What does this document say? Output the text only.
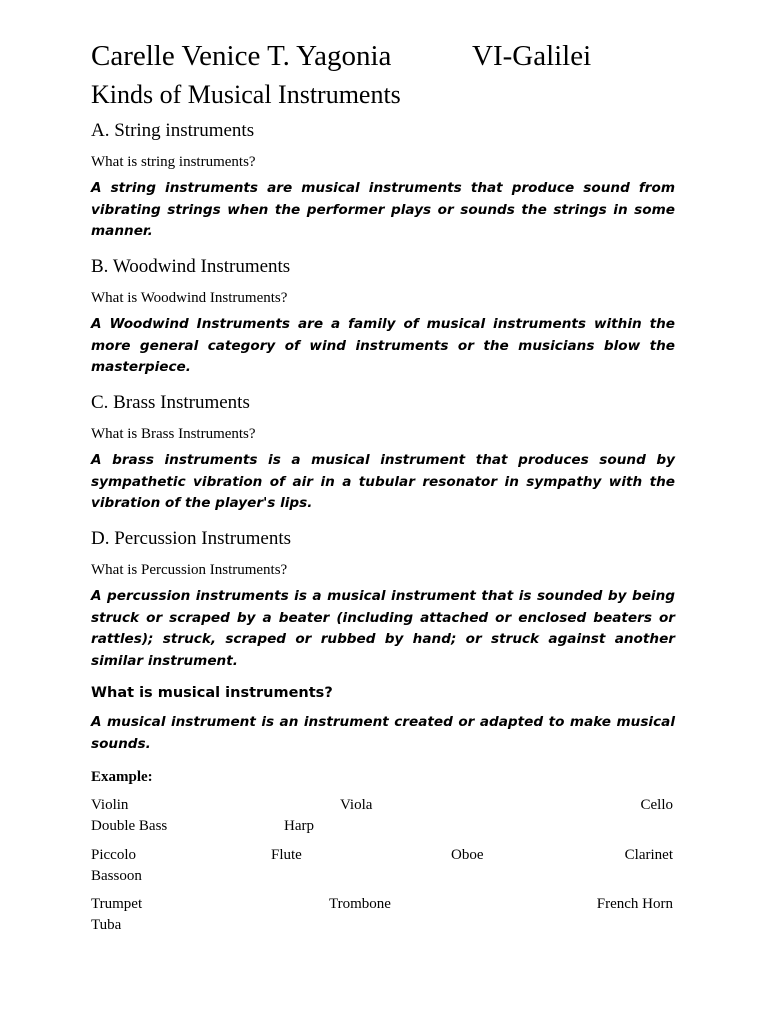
Carelle Venice T. Yagonia	VI-Galilei
Kinds of Musical Instruments

A. String instruments

What is string instruments?

A string instruments are musical instruments that produce sound from vibrating strings when the performer plays or sounds the strings in some manner.

B. Woodwind Instruments

What is Woodwind Instruments?

A Woodwind Instruments are a family of musical instruments within the more general category of wind instruments or the musicians blow the masterpiece.

C. Brass Instruments

What is Brass Instruments?

A brass instruments is a musical instrument that produces sound by sympathetic vibration of air in a tubular resonator in sympathy with the vibration of the player's lips.

D. Percussion Instruments

What is Percussion Instruments?

A percussion instruments is a musical instrument that is sounded by being struck or scraped by a beater (including attached or enclosed beaters or rattles); struck, scraped or rubbed by hand; or struck against another similar instrument.

What is musical instruments?

A musical instrument is an instrument created or adapted to make musical sounds.

Example:
Violin	Viola	Cello
Double Bass	Harp
Piccolo	Flute	Oboe	Clarinet
Bassoon
Trumpet	Trombone	French Horn
Tuba
